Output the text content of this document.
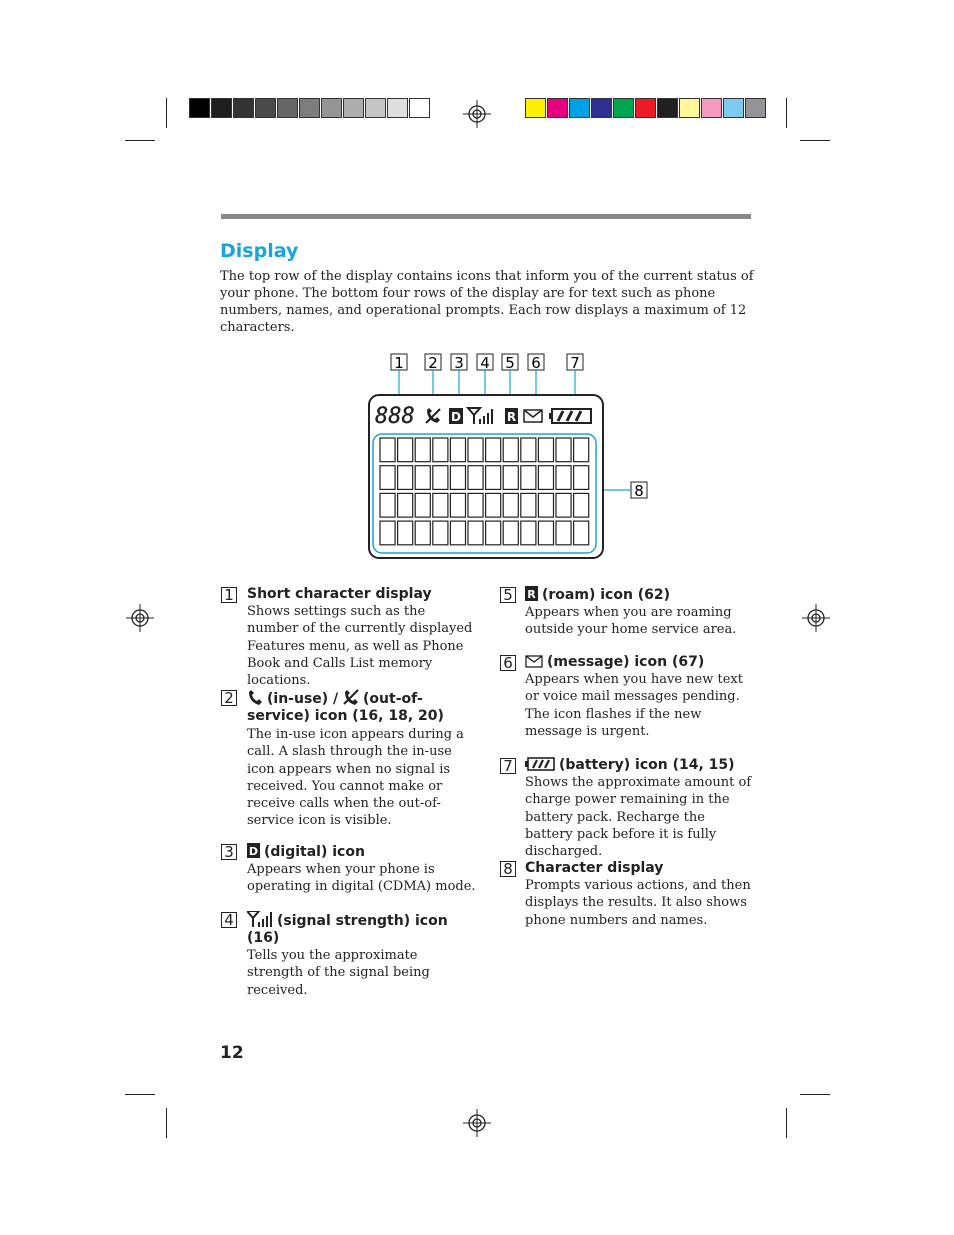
Display

The top row of the display contains icons that inform you of the current status of your phone. The bottom four rows of the display are for text such as phone numbers, names, and operational prompts. Each row displays a maximum of 12 characters.

1 2 3 4 5 6 7
8
888	D	R
1 Short character display

Shows settings such as the number of the currently displayed Features menu, as well as Phone Book and Calls List memory locations.

2	(in-use) / (out-of-service) icon (16, 18, 20)

The in-use icon appears during a call. A slash through the in-use icon appears when no signal is received. You cannot make or receive calls when the out-of-service icon is visible.

3 D (digital) icon

Appears when your phone is operating in digital (CDMA) mode.

4	(signal strength) icon (16)

Tells you the approximate strength of the signal being received.

5 R (roam) icon (62)

Appears when you are roaming outside your home service area.

6	(message) icon (67)

Appears when you have new text or voice mail messages pending. The icon flashes if the new message is urgent.

7	(battery) icon (14, 15)

Shows the approximate amount of charge power remaining in the battery pack. Recharge the battery pack before it is fully discharged.

8 Character display

Prompts various actions, and then displays the results. It also shows phone numbers and names.

12
